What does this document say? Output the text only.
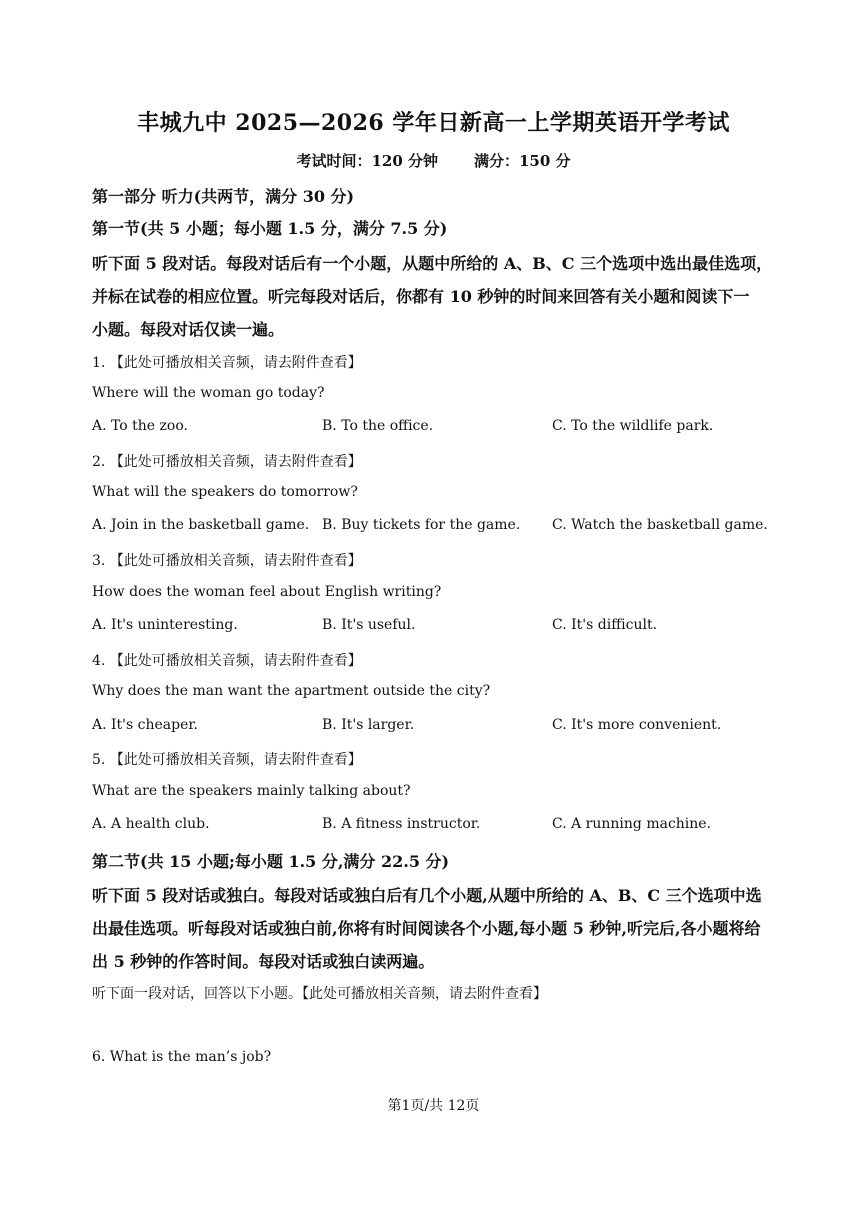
丰城九中 2025—2026 学年日新高一上学期英语开学考试
考试时间：120 分钟 满分：150 分
第一部分 听力(共两节，满分 30 分)
第一节(共 5 小题；每小题 1.5 分，满分 7.5 分)
听下面 5 段对话。每段对话后有一个小题，从题中所给的 A、B、C 三个选项中选出最佳选项，
并标在试卷的相应位置。听完每段对话后，你都有 10 秒钟的时间来回答有关小题和阅读下一
小题。每段对话仅读一遍。
1. 【此处可播放相关音频，请去附件查看】
Where will the woman go today?
A. To the zoo.	B. To the office.	C. To the wildlife park.
2. 【此处可播放相关音频，请去附件查看】
What will the speakers do tomorrow?
A. Join in the basketball game. B. Buy tickets for the game. C. Watch the basketball game.
3. 【此处可播放相关音频，请去附件查看】
How does the woman feel about English writing?
A. It's uninteresting.	B. It's useful.	C. It's difficult.
4. 【此处可播放相关音频，请去附件查看】
Why does the man want the apartment outside the city?
A. It's cheaper.	B. It's larger.	C. It's more convenient.
5. 【此处可播放相关音频，请去附件查看】
What are the speakers mainly talking about?
A. A health club.	B. A fitness instructor.	C. A running machine.
第二节(共 15 小题;每小题 1.5 分,满分 22.5 分)
听下面 5 段对话或独白。每段对话或独白后有几个小题,从题中所给的 A、B、C 三个选项中选
出最佳选项。听每段对话或独白前,你将有时间阅读各个小题,每小题 5 秒钟,听完后,各小题将给
出 5 秒钟的作答时间。每段对话或独白读两遍。
听下面一段对话，回答以下小题。【此处可播放相关音频，请去附件查看】
6. What is the man’s job?
第1页/共 12页
